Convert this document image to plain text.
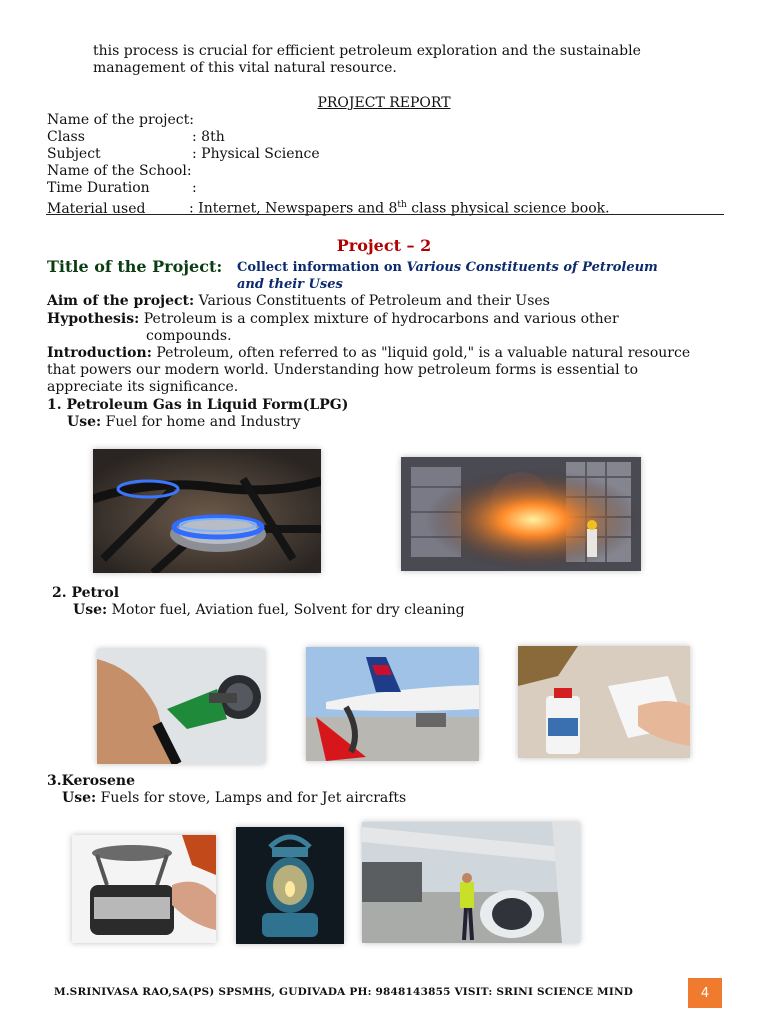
this process is crucial for efficient petroleum exploration and the sustainable
management of this vital natural resource.
PROJECT REPORT
Name of the project:
Class	: 8th
Subject	: Physical Science
Name of the School:
Time Duration	:
Material used	: Internet, Newspapers and 8th class physical science book.
Project – 2
Title of the Project: Collect information on Various Constituents of Petroleum
and their Uses
Aim of the project: Various Constituents of Petroleum and their Uses
Hypothesis: Petroleum is a complex mixture of hydrocarbons and various other
compounds.
Introduction: Petroleum, often referred to as "liquid gold," is a valuable natural resource
that powers our modern world. Understanding how petroleum forms is essential to
appreciate its significance.
1. Petroleum Gas in Liquid Form(LPG)
Use: Fuel for home and Industry
2. Petrol
Use: Motor fuel, Aviation fuel, Solvent for dry cleaning
3.Kerosene
Use: Fuels for stove, Lamps and for Jet aircrafts
M.SRINIVASA RAO,SA(PS) SPSMHS, GUDIVADA PH: 9848143855 VISIT: SRINI SCIENCE MIND	4
